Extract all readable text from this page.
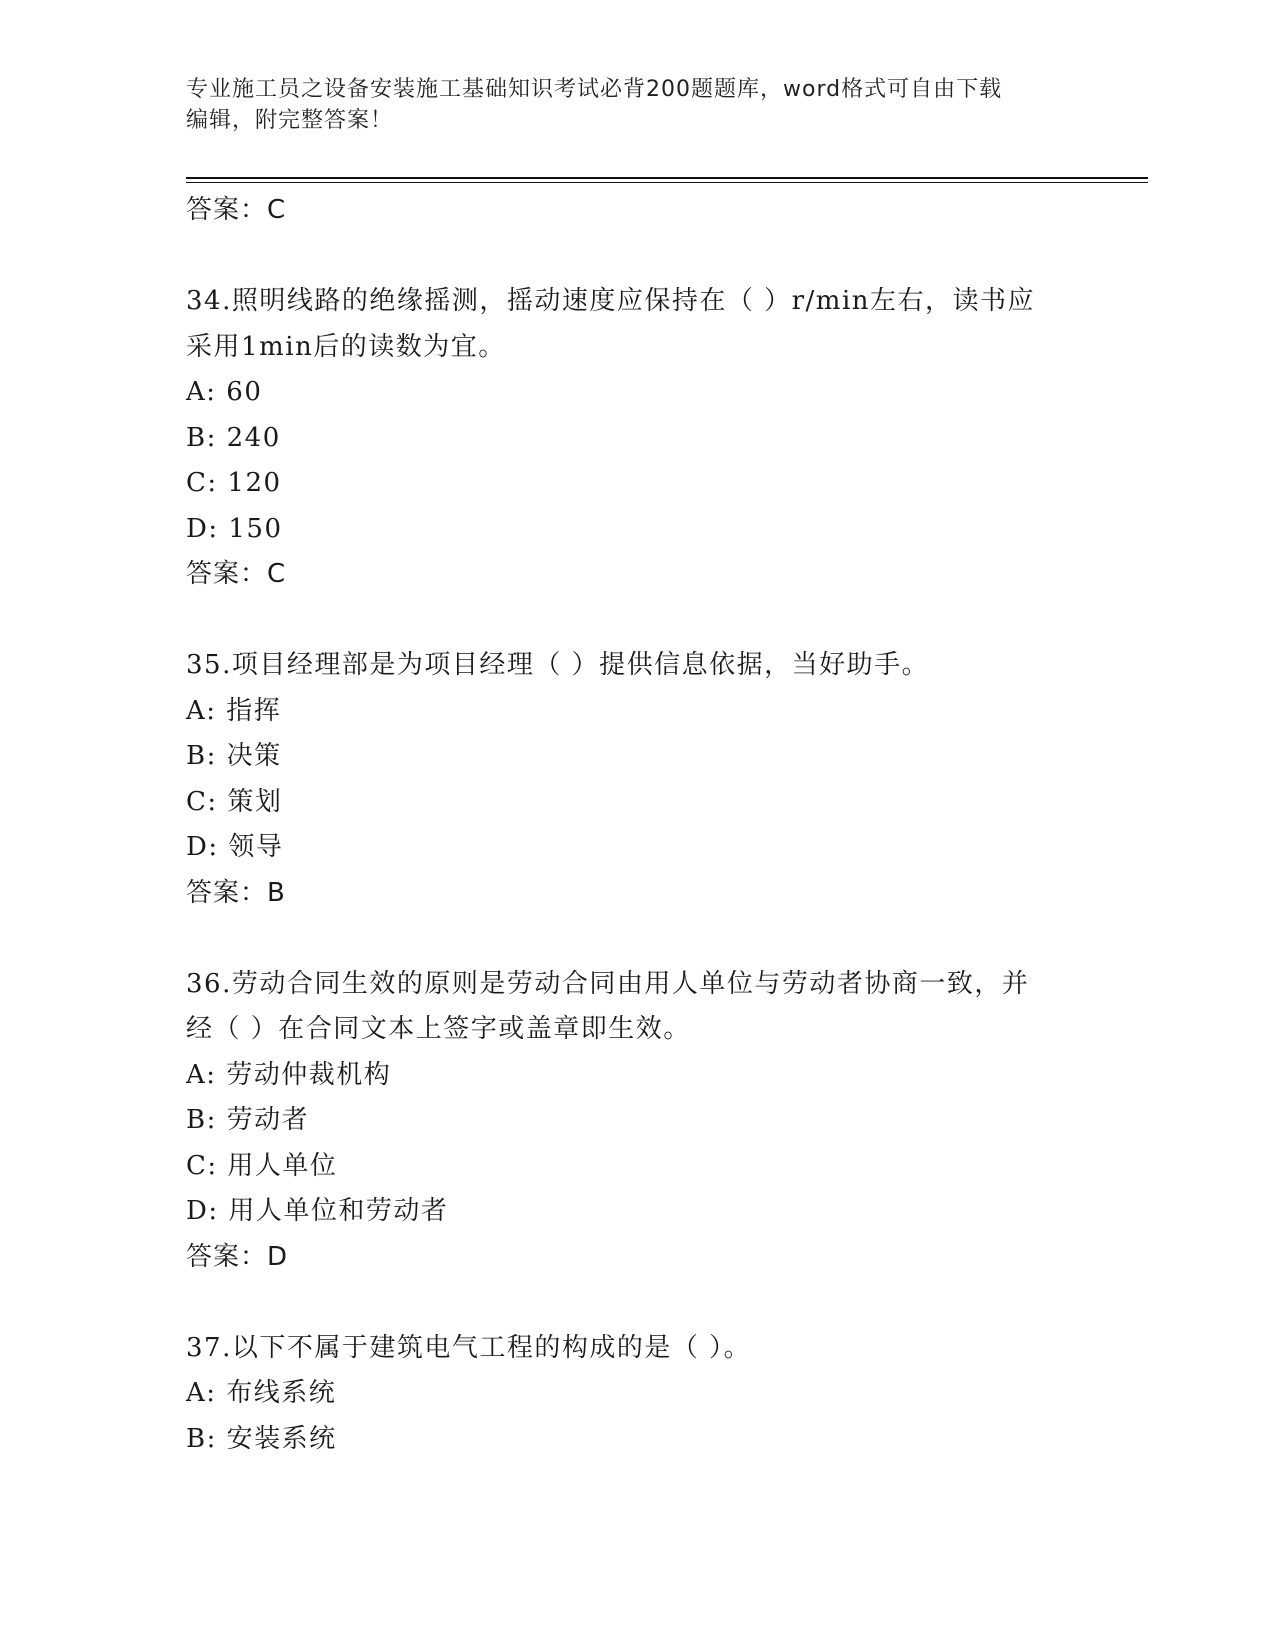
专业施工员之设备安装施工基础知识考试必背200题题库，word格式可自由下载
编辑，附完整答案！
答案：C
34.照明线路的绝缘摇测，摇动速度应保持在（ ）r/min左右，读书应
采用1min后的读数为宜。
A: 60
B: 240
C: 120
D: 150
答案：C
35.项目经理部是为项目经理（ ）提供信息依据，当好助手。
A: 指挥
B: 决策
C: 策划
D: 领导
答案：B
36.劳动合同生效的原则是劳动合同由用人单位与劳动者协商一致，并
经（ ）在合同文本上签字或盖章即生效。
A: 劳动仲裁机构
B: 劳动者
C: 用人单位
D: 用人单位和劳动者
答案：D
37.以下不属于建筑电气工程的构成的是（ ）。
A: 布线系统
B: 安装系统
